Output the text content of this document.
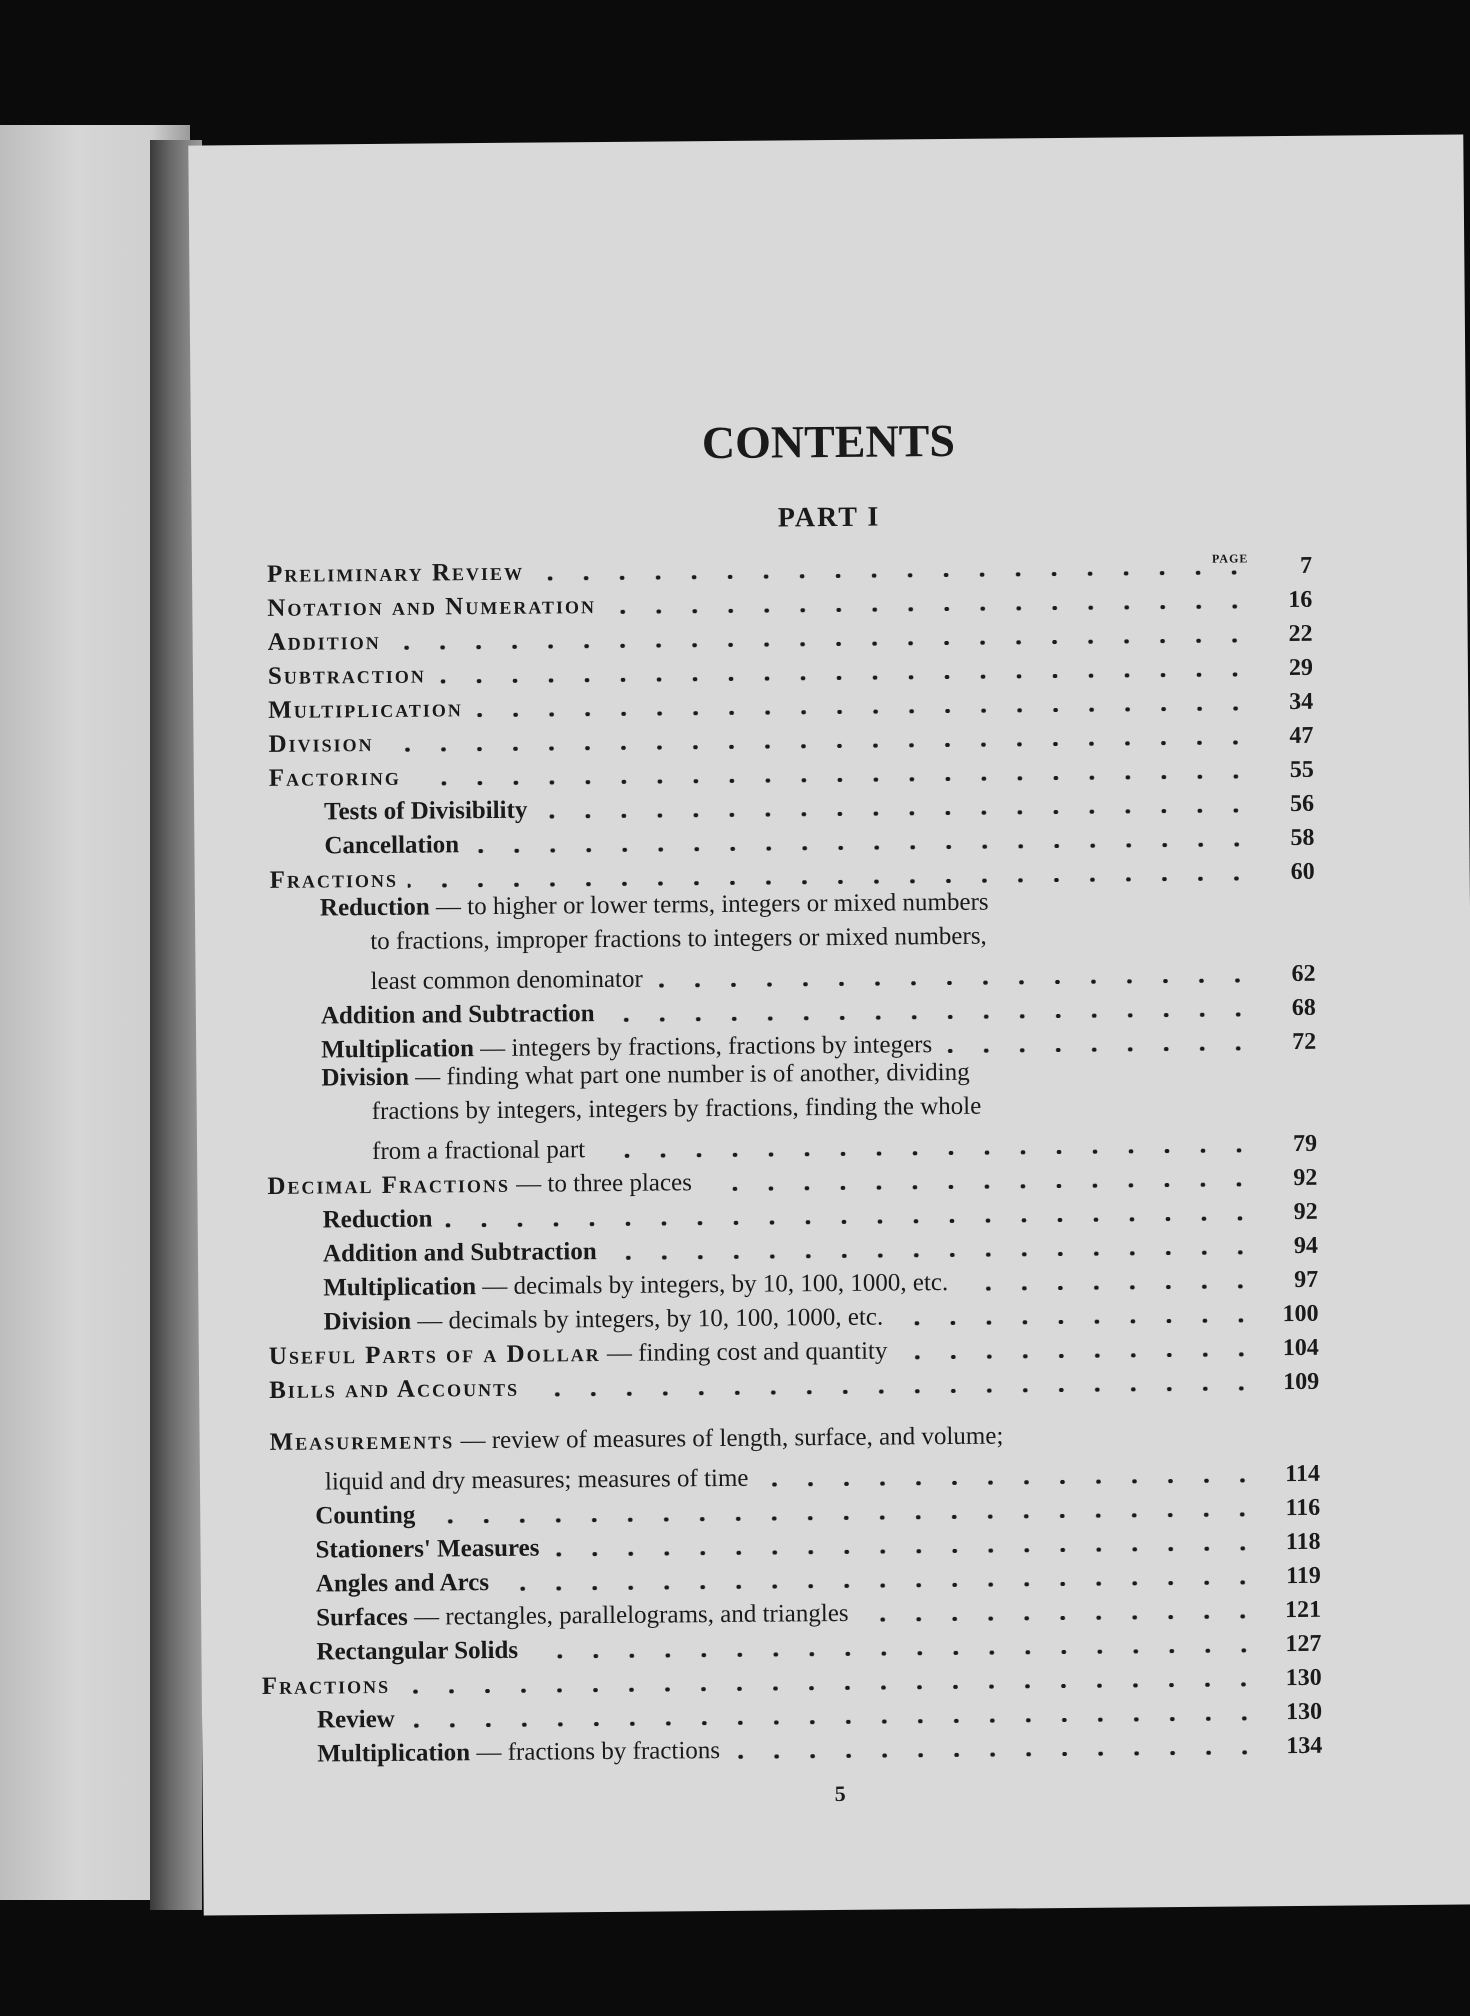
CONTENTS
PART I
PAGE
Preliminary Review	7
Notation and Numeration	16
Addition	22
Subtraction	29
Multiplication	34
Division	47
Factoring	55
Tests of Divisibility	56
Cancellation	58
Fractions	60
Reduction — to higher or lower terms, integers or mixed numbers
to fractions, improper fractions to integers or mixed numbers,
least common denominator	62
Addition and Subtraction	68
Multiplication — integers by fractions, fractions by integers	72
Division — finding what part one number is of another, dividing
fractions by integers, integers by fractions, finding the whole
from a fractional part	79
Decimal Fractions — to three places	92
Reduction	92
Addition and Subtraction	94
Multiplication — decimals by integers, by 10, 100, 1000, etc.	97
Division — decimals by integers, by 10, 100, 1000, etc.	100
Useful Parts of a Dollar — finding cost and quantity	104
Bills and Accounts	109
Measurements — review of measures of length, surface, and volume;
liquid and dry measures; measures of time	114
Counting	116
Stationers' Measures	118
Angles and Arcs	119
Surfaces — rectangles, parallelograms, and triangles	121
Rectangular Solids	127
Fractions	130
Review	130
Multiplication — fractions by fractions	134
5
